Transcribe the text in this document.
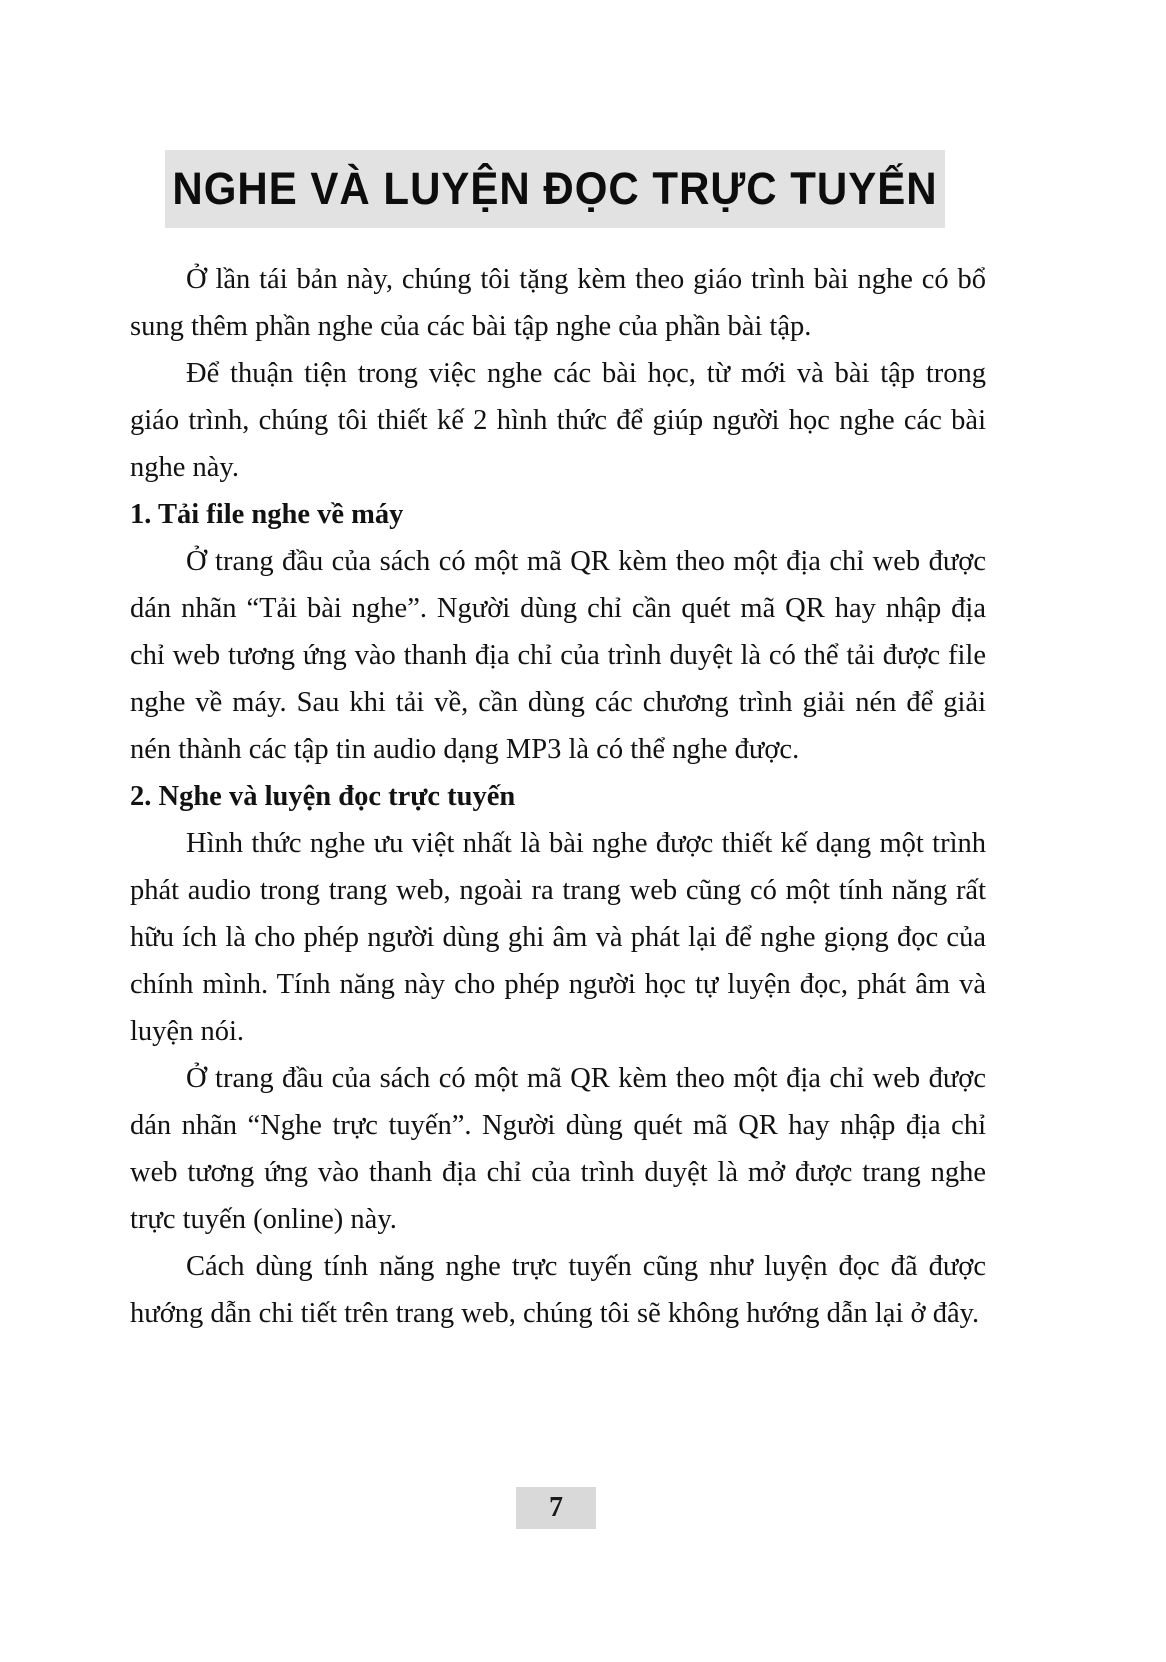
NGHE VÀ LUYỆN ĐỌC TRỰC TUYẾN

Ở lần tái bản này, chúng tôi tặng kèm theo giáo trình bài nghe có bổ sung thêm phần nghe của các bài tập nghe của phần bài tập.

Để thuận tiện trong việc nghe các bài học, từ mới và bài tập trong giáo trình, chúng tôi thiết kế 2 hình thức để giúp người học nghe các bài nghe này.

1. Tải file nghe về máy

Ở trang đầu của sách có một mã QR kèm theo một địa chỉ web được dán nhãn “Tải bài nghe”. Người dùng chỉ cần quét mã QR hay nhập địa chỉ web tương ứng vào thanh địa chỉ của trình duyệt là có thể tải được file nghe về máy. Sau khi tải về, cần dùng các chương trình giải nén để giải nén thành các tập tin audio dạng MP3 là có thể nghe được.

2. Nghe và luyện đọc trực tuyến

Hình thức nghe ưu việt nhất là bài nghe được thiết kế dạng một trình phát audio trong trang web, ngoài ra trang web cũng có một tính năng rất hữu ích là cho phép người dùng ghi âm và phát lại để nghe giọng đọc của chính mình. Tính năng này cho phép người học tự luyện đọc, phát âm và luyện nói.

Ở trang đầu của sách có một mã QR kèm theo một địa chỉ web được dán nhãn “Nghe trực tuyến”. Người dùng quét mã QR hay nhập địa chỉ web tương ứng vào thanh địa chỉ của trình duyệt là mở được trang nghe trực tuyến (online) này.

Cách dùng tính năng nghe trực tuyến cũng như luyện đọc đã được hướng dẫn chi tiết trên trang web, chúng tôi sẽ không hướng dẫn lại ở đây.

7
